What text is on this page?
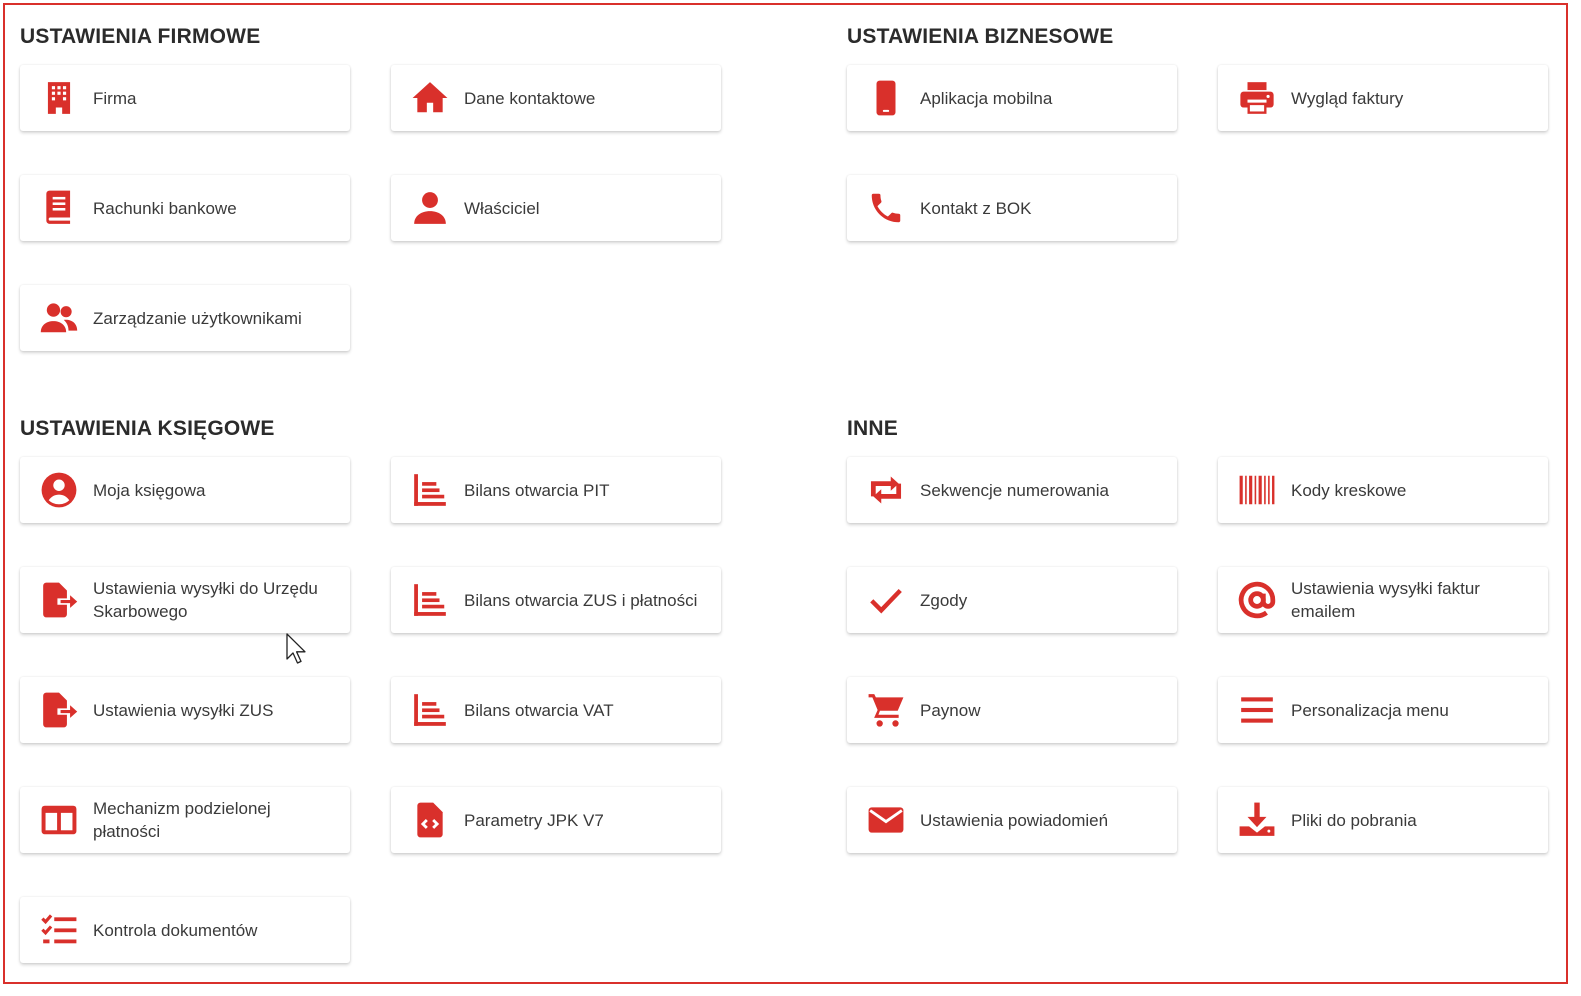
USTAWIENIA FIRMOWE
Firma	Dane kontaktowe
Rachunki bankowe	Właściciel
Zarządzanie użytkownikami
USTAWIENIA BIZNESOWE
Aplikacja mobilna	Wygląd faktury
Kontakt z BOK
USTAWIENIA KSIĘGOWE
Moja księgowa	Bilans otwarcia PIT
Ustawienia wysyłki do Urzędu Skarbowego
Bilans otwarcia ZUS i płatności
Ustawienia wysyłki ZUS	Bilans otwarcia VAT
Mechanizm podzielonej płatności
Parametry JPK V7
Kontrola dokumentów
INNE
Sekwencje numerowania	Kody kreskowe
Zgody
Ustawienia wysyłki faktur emailem
Paynow	Personalizacja menu
Ustawienia powiadomień	Pliki do pobrania
